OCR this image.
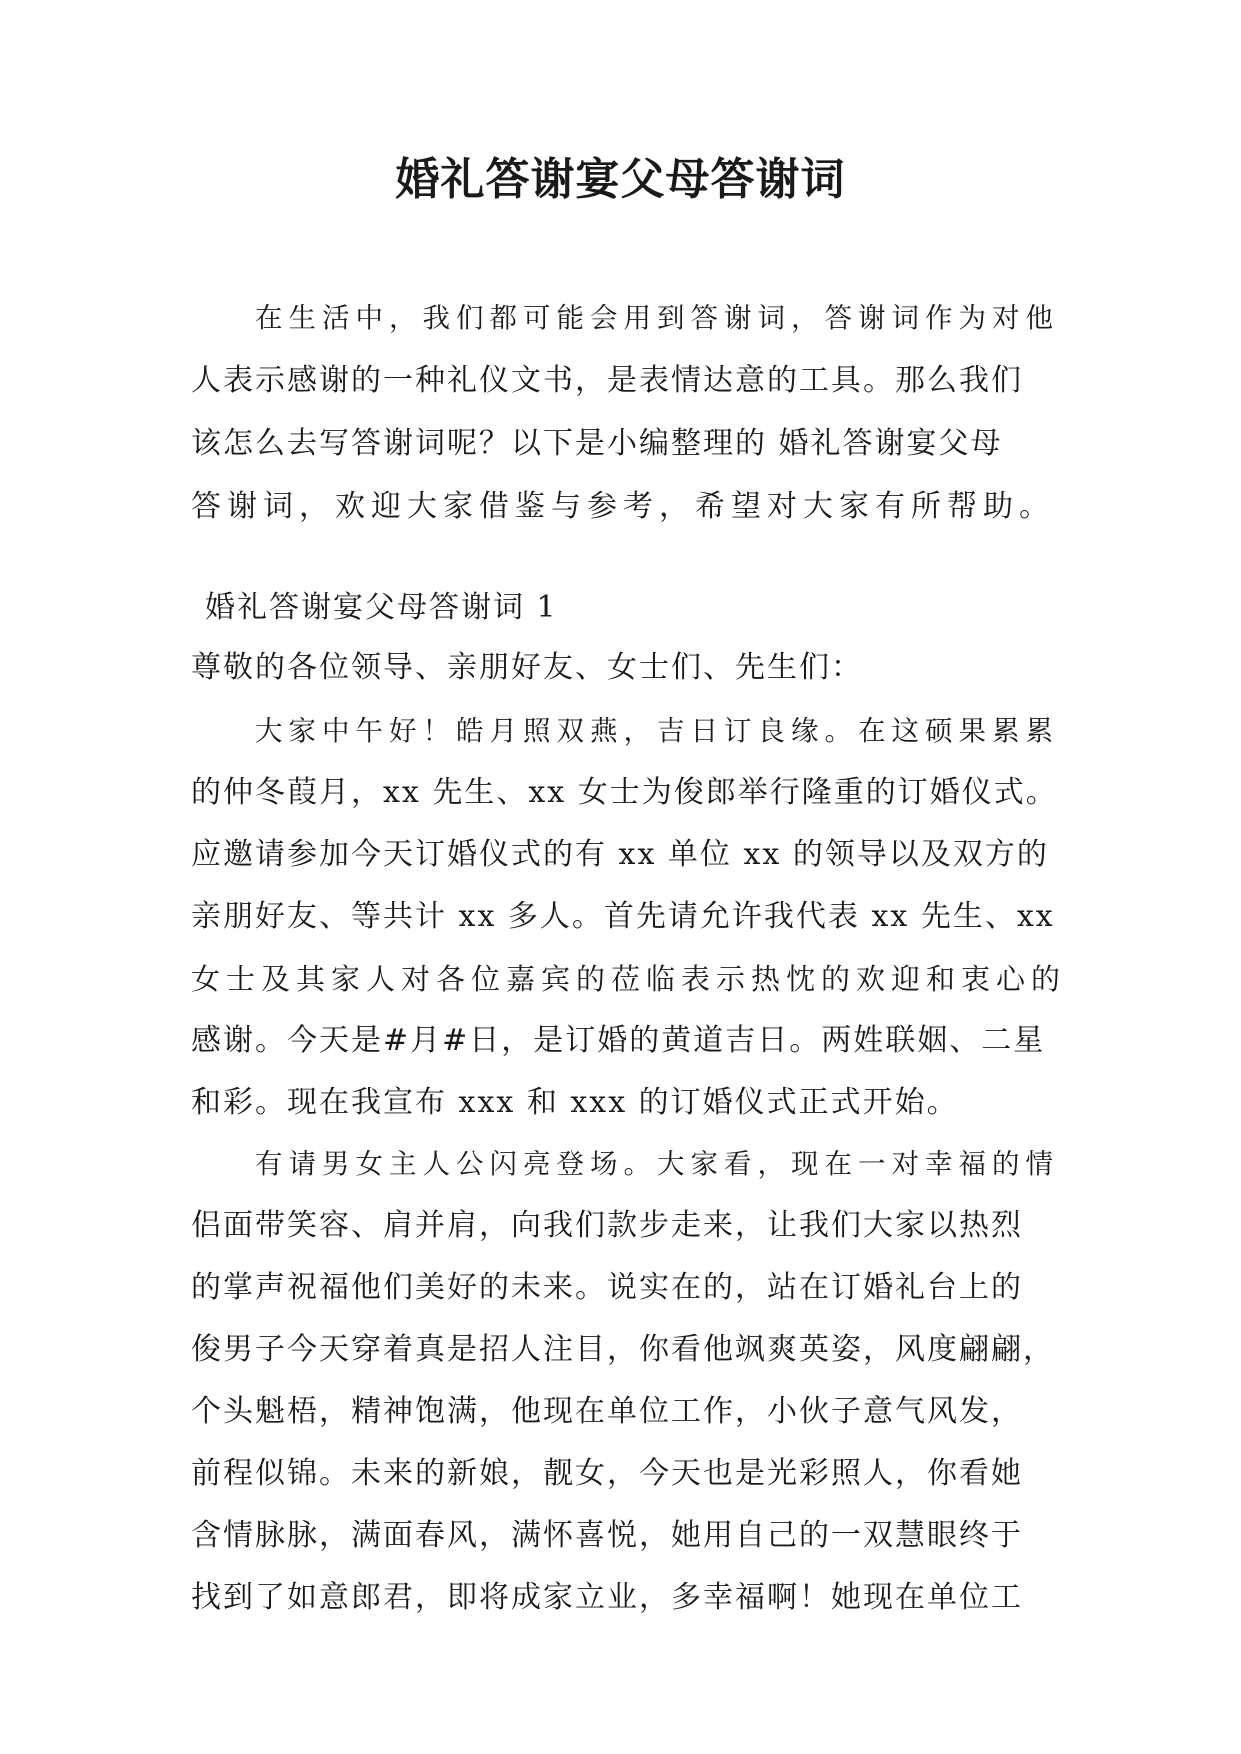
婚礼答谢宴父母答谢词
在生活中，我们都可能会用到答谢词，答谢词作为对他
人表示感谢的一种礼仪文书，是表情达意的工具。那么我们
该怎么去写答谢词呢？以下是小编整理的 婚礼答谢宴父母
答谢词，欢迎大家借鉴与参考，希望对大家有所帮助。
婚礼答谢宴父母答谢词 1
尊敬的各位领导、亲朋好友、女士们、先生们：
大家中午好！皓月照双燕，吉日订良缘。在这硕果累累
的仲冬葭月，xx 先生、xx 女士为俊郎举行隆重的订婚仪式。
应邀请参加今天订婚仪式的有 xx 单位 xx 的领导以及双方的
亲朋好友、等共计 xx 多人。首先请允许我代表 xx 先生、xx
女士及其家人对各位嘉宾的莅临表示热忱的欢迎和衷心的
感谢。今天是#月#日，是订婚的黄道吉日。两姓联姻、二星
和彩。现在我宣布 xxx 和 xxx 的订婚仪式正式开始。
有请男女主人公闪亮登场。大家看，现在一对幸福的情
侣面带笑容、肩并肩，向我们款步走来，让我们大家以热烈
的掌声祝福他们美好的未来。说实在的，站在订婚礼台上的
俊男子今天穿着真是招人注目，你看他飒爽英姿，风度翩翩，
个头魁梧，精神饱满，他现在单位工作，小伙子意气风发，
前程似锦。未来的新娘，靓女，今天也是光彩照人，你看她
含情脉脉，满面春风，满怀喜悦，她用自己的一双慧眼终于
找到了如意郎君，即将成家立业，多幸福啊！她现在单位工
